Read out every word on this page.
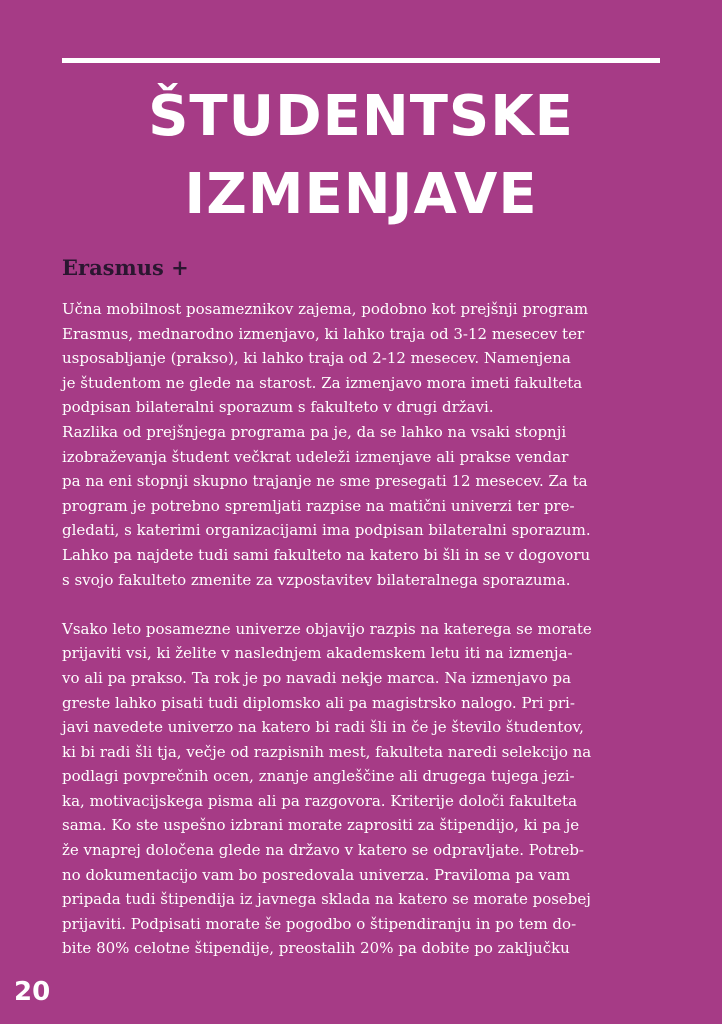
ŠTUDENTSKE
IZMENJAVE
Erasmus +
Učna mobilnost posameznikov zajema, podobno kot prejšnji program
Erasmus, mednarodno izmenjavo, ki lahko traja od 3-12 mesecev ter
usposabljanje (prakso), ki lahko traja od 2-12 mesecev. Namenjena
je študentom ne glede na starost. Za izmenjavo mora imeti fakulteta
podpisan bilateralni sporazum s fakulteto v drugi državi.
Razlika od prejšnjega programa pa je, da se lahko na vsaki stopnji
izobraževanja študent večkrat udeleži izmenjave ali prakse vendar
pa na eni stopnji skupno trajanje ne sme presegati 12 mesecev. Za ta
program je potrebno spremljati razpise na matični univerzi ter pre-
gledati, s katerimi organizacijami ima podpisan bilateralni sporazum.
Lahko pa najdete tudi sami fakulteto na katero bi šli in se v dogovoru
s svojo fakulteto zmenite za vzpostavitev bilateralnega sporazuma.
Vsako leto posamezne univerze objavijo razpis na katerega se morate
prijaviti vsi, ki želite v naslednjem akademskem letu iti na izmenja-
vo ali pa prakso. Ta rok je po navadi nekje marca. Na izmenjavo pa
greste lahko pisati tudi diplomsko ali pa magistrsko nalogo. Pri pri-
javi navedete univerzo na katero bi radi šli in če je število študentov,
ki bi radi šli tja, večje od razpisnih mest, fakulteta naredi selekcijo na
podlagi povprečnih ocen, znanje angleščine ali drugega tujega jezi-
ka, motivacijskega pisma ali pa razgovora. Kriterije določi fakulteta
sama. Ko ste uspešno izbrani morate zaprositi za štipendijo, ki pa je
že vnaprej določena glede na državo v katero se odpravljate. Potreb-
no dokumentacijo vam bo posredovala univerza. Praviloma pa vam
pripada tudi štipendija iz javnega sklada na katero se morate posebej
prijaviti. Podpisati morate še pogodbo o štipendiranju in po tem do-
bite 80% celotne štipendije, preostalih 20% pa dobite po zaključku
20
